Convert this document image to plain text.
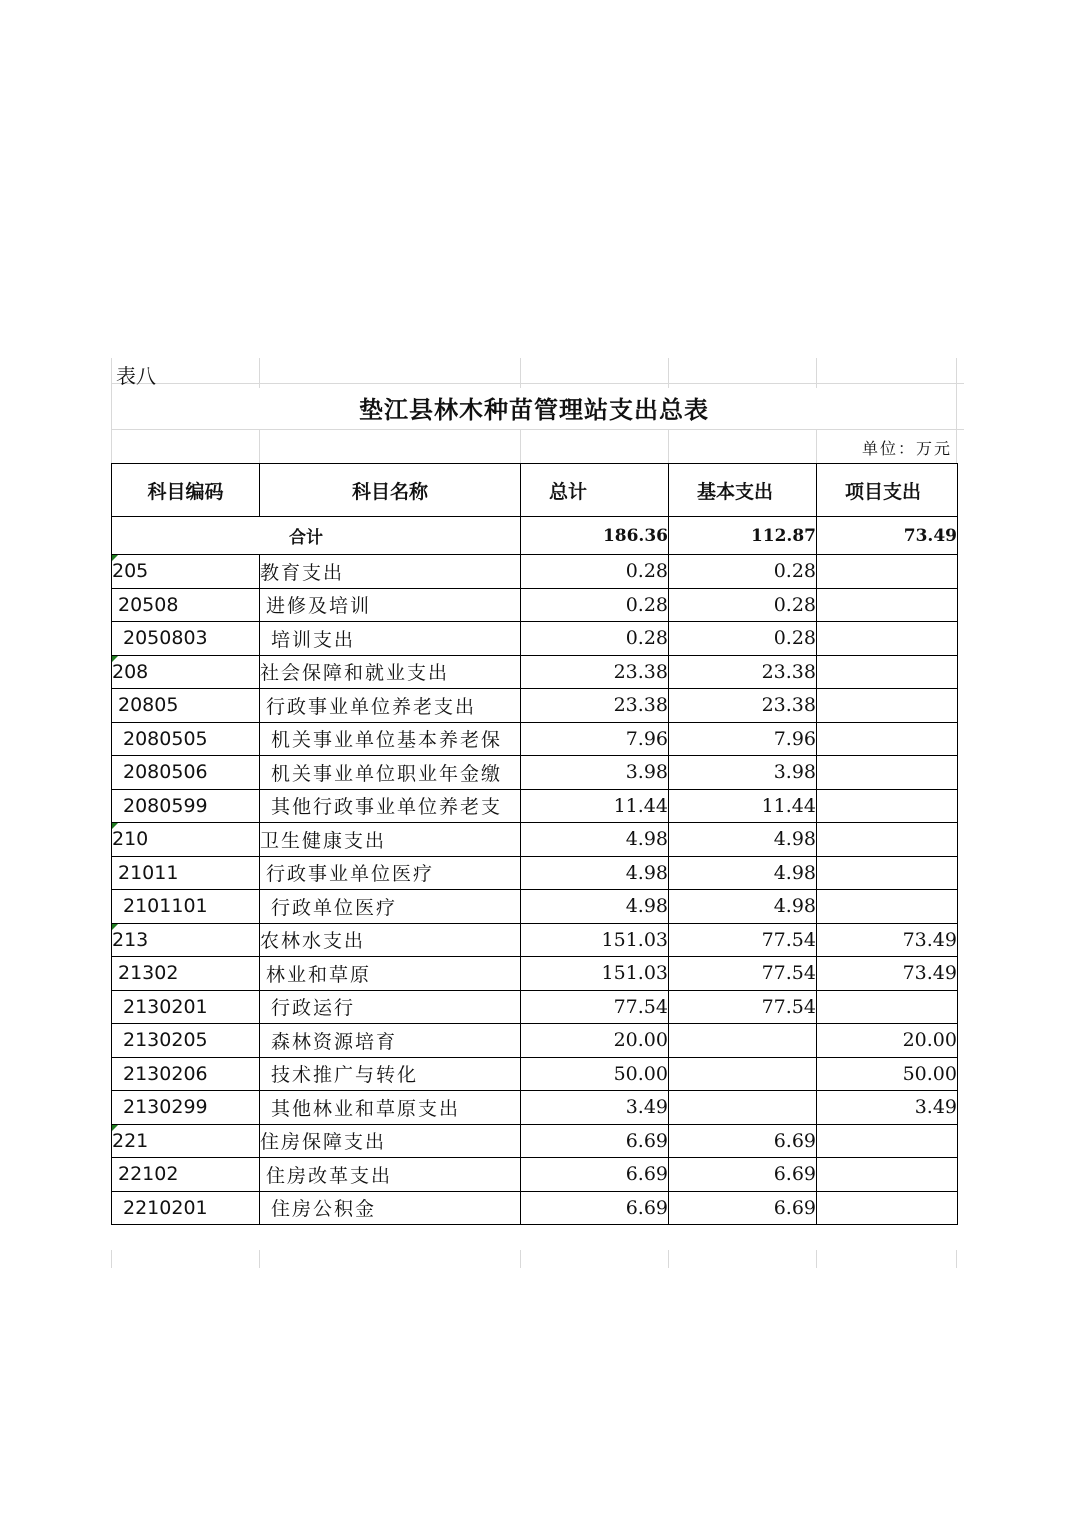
表八
垫江县林木种苗管理站支出总表
单位：万元
科目编码	科目名称	总计	基本支出	项目支出
合计		186.36	112.87	73.49
205	教育支出	0.28	0.28	
20508	进修及培训	0.28	0.28	
2050803	培训支出	0.28	0.28	
208	社会保障和就业支出	23.38	23.38	
20805	行政事业单位养老支出	23.38	23.38	
2080505	机关事业单位基本养老保	7.96	7.96	
2080506	机关事业单位职业年金缴	3.98	3.98	
2080599	其他行政事业单位养老支	11.44	11.44	
210	卫生健康支出	4.98	4.98	
21011	行政事业单位医疗	4.98	4.98	
2101101	行政单位医疗	4.98	4.98	
213	农林水支出	151.03	77.54	73.49
21302	林业和草原	151.03	77.54	73.49
2130201	行政运行	77.54	77.54	
2130205	森林资源培育	20.00		20.00
2130206	技术推广与转化	50.00		50.00
2130299	其他林业和草原支出	3.49		3.49
221	住房保障支出	6.69	6.69	
22102	住房改革支出	6.69	6.69	
2210201	住房公积金	6.69	6.69	
